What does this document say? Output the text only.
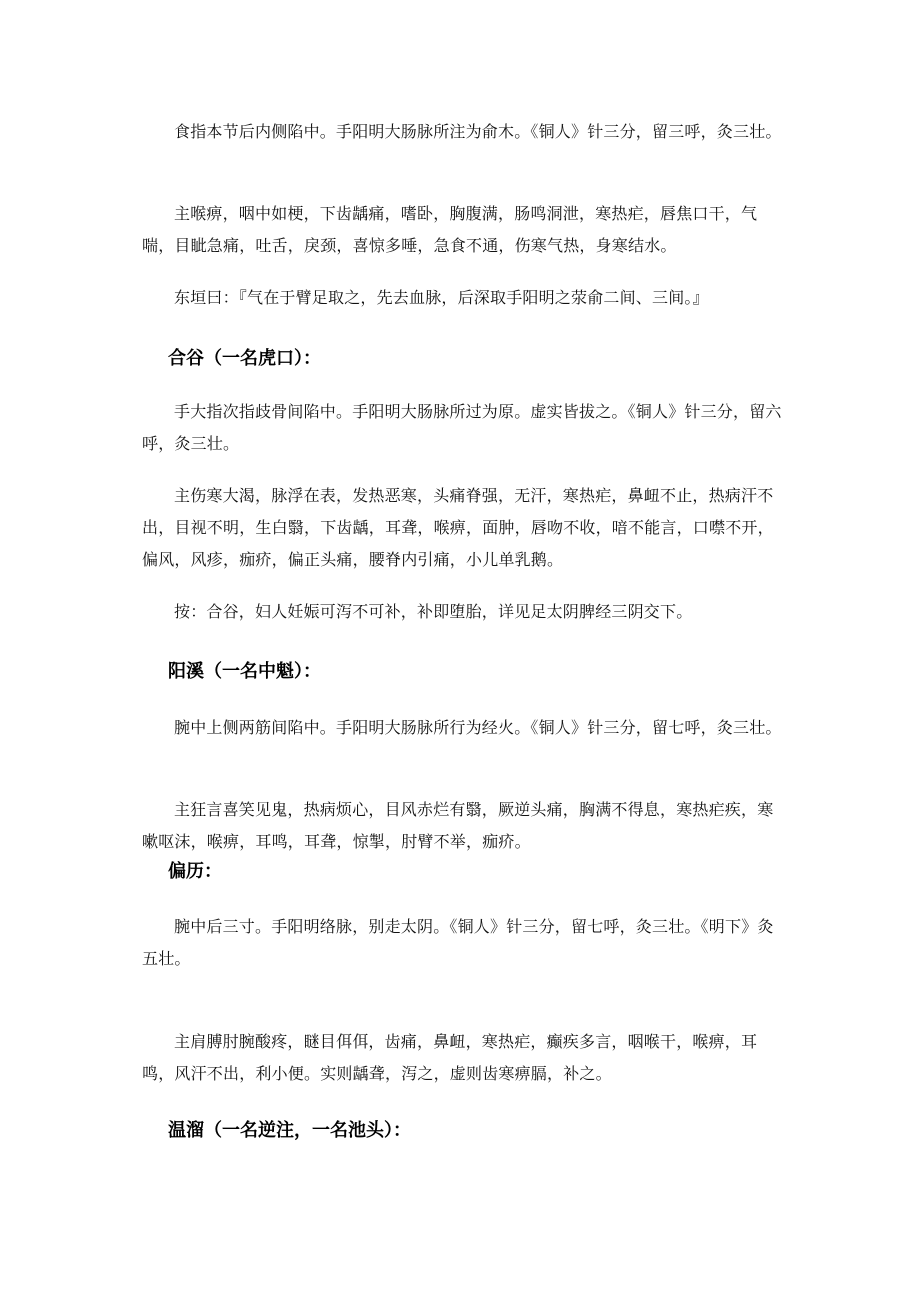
食指本节后内侧陷中。手阳明大肠脉所注为俞木。《铜人》针三分，留三呼，灸三壮。

主喉痹，咽中如梗，下齿龋痛，嗜卧，胸腹满，肠鸣洞泄，寒热疟，唇焦口干，气喘，目眦急痛，吐舌，戾颈，喜惊多唾，急食不通，伤寒气热，身寒结水。

东垣曰：『气在于臂足取之，先去血脉，后深取手阳明之荥俞二间、三间。』

合谷（一名虎口）：

手大指次指歧骨间陷中。手阳明大肠脉所过为原。虚实皆拔之。《铜人》针三分，留六呼，灸三壮。

主伤寒大渴，脉浮在表，发热恶寒，头痛脊强，无汗，寒热疟，鼻衄不止，热病汗不出，目视不明，生白翳，下齿龋，耳聋，喉痹，面肿，唇吻不收，喑不能言，口噤不开，偏风，风疹，痂疥，偏正头痛，腰脊内引痛，小儿单乳鹅。

按：合谷，妇人妊娠可泻不可补，补即堕胎，详见足太阴脾经三阴交下。

阳溪（一名中魁）：

腕中上侧两筋间陷中。手阳明大肠脉所行为经火。《铜人》针三分，留七呼，灸三壮。

主狂言喜笑见鬼，热病烦心，目风赤烂有翳，厥逆头痛，胸满不得息，寒热疟疾，寒嗽呕沫，喉痹，耳鸣，耳聋，惊掣，肘臂不举，痂疥。

偏历：

腕中后三寸。手阳明络脉，别走太阴。《铜人》针三分，留七呼，灸三壮。《明下》灸五壮。

主肩膊肘腕酸疼，瞇目佴佴，齿痛，鼻衄，寒热疟，癫疾多言，咽喉干，喉痹，耳鸣，风汗不出，利小便。实则龋聋，泻之，虚则齿寒痹膈，补之。

温溜（一名逆注，一名池头）：
